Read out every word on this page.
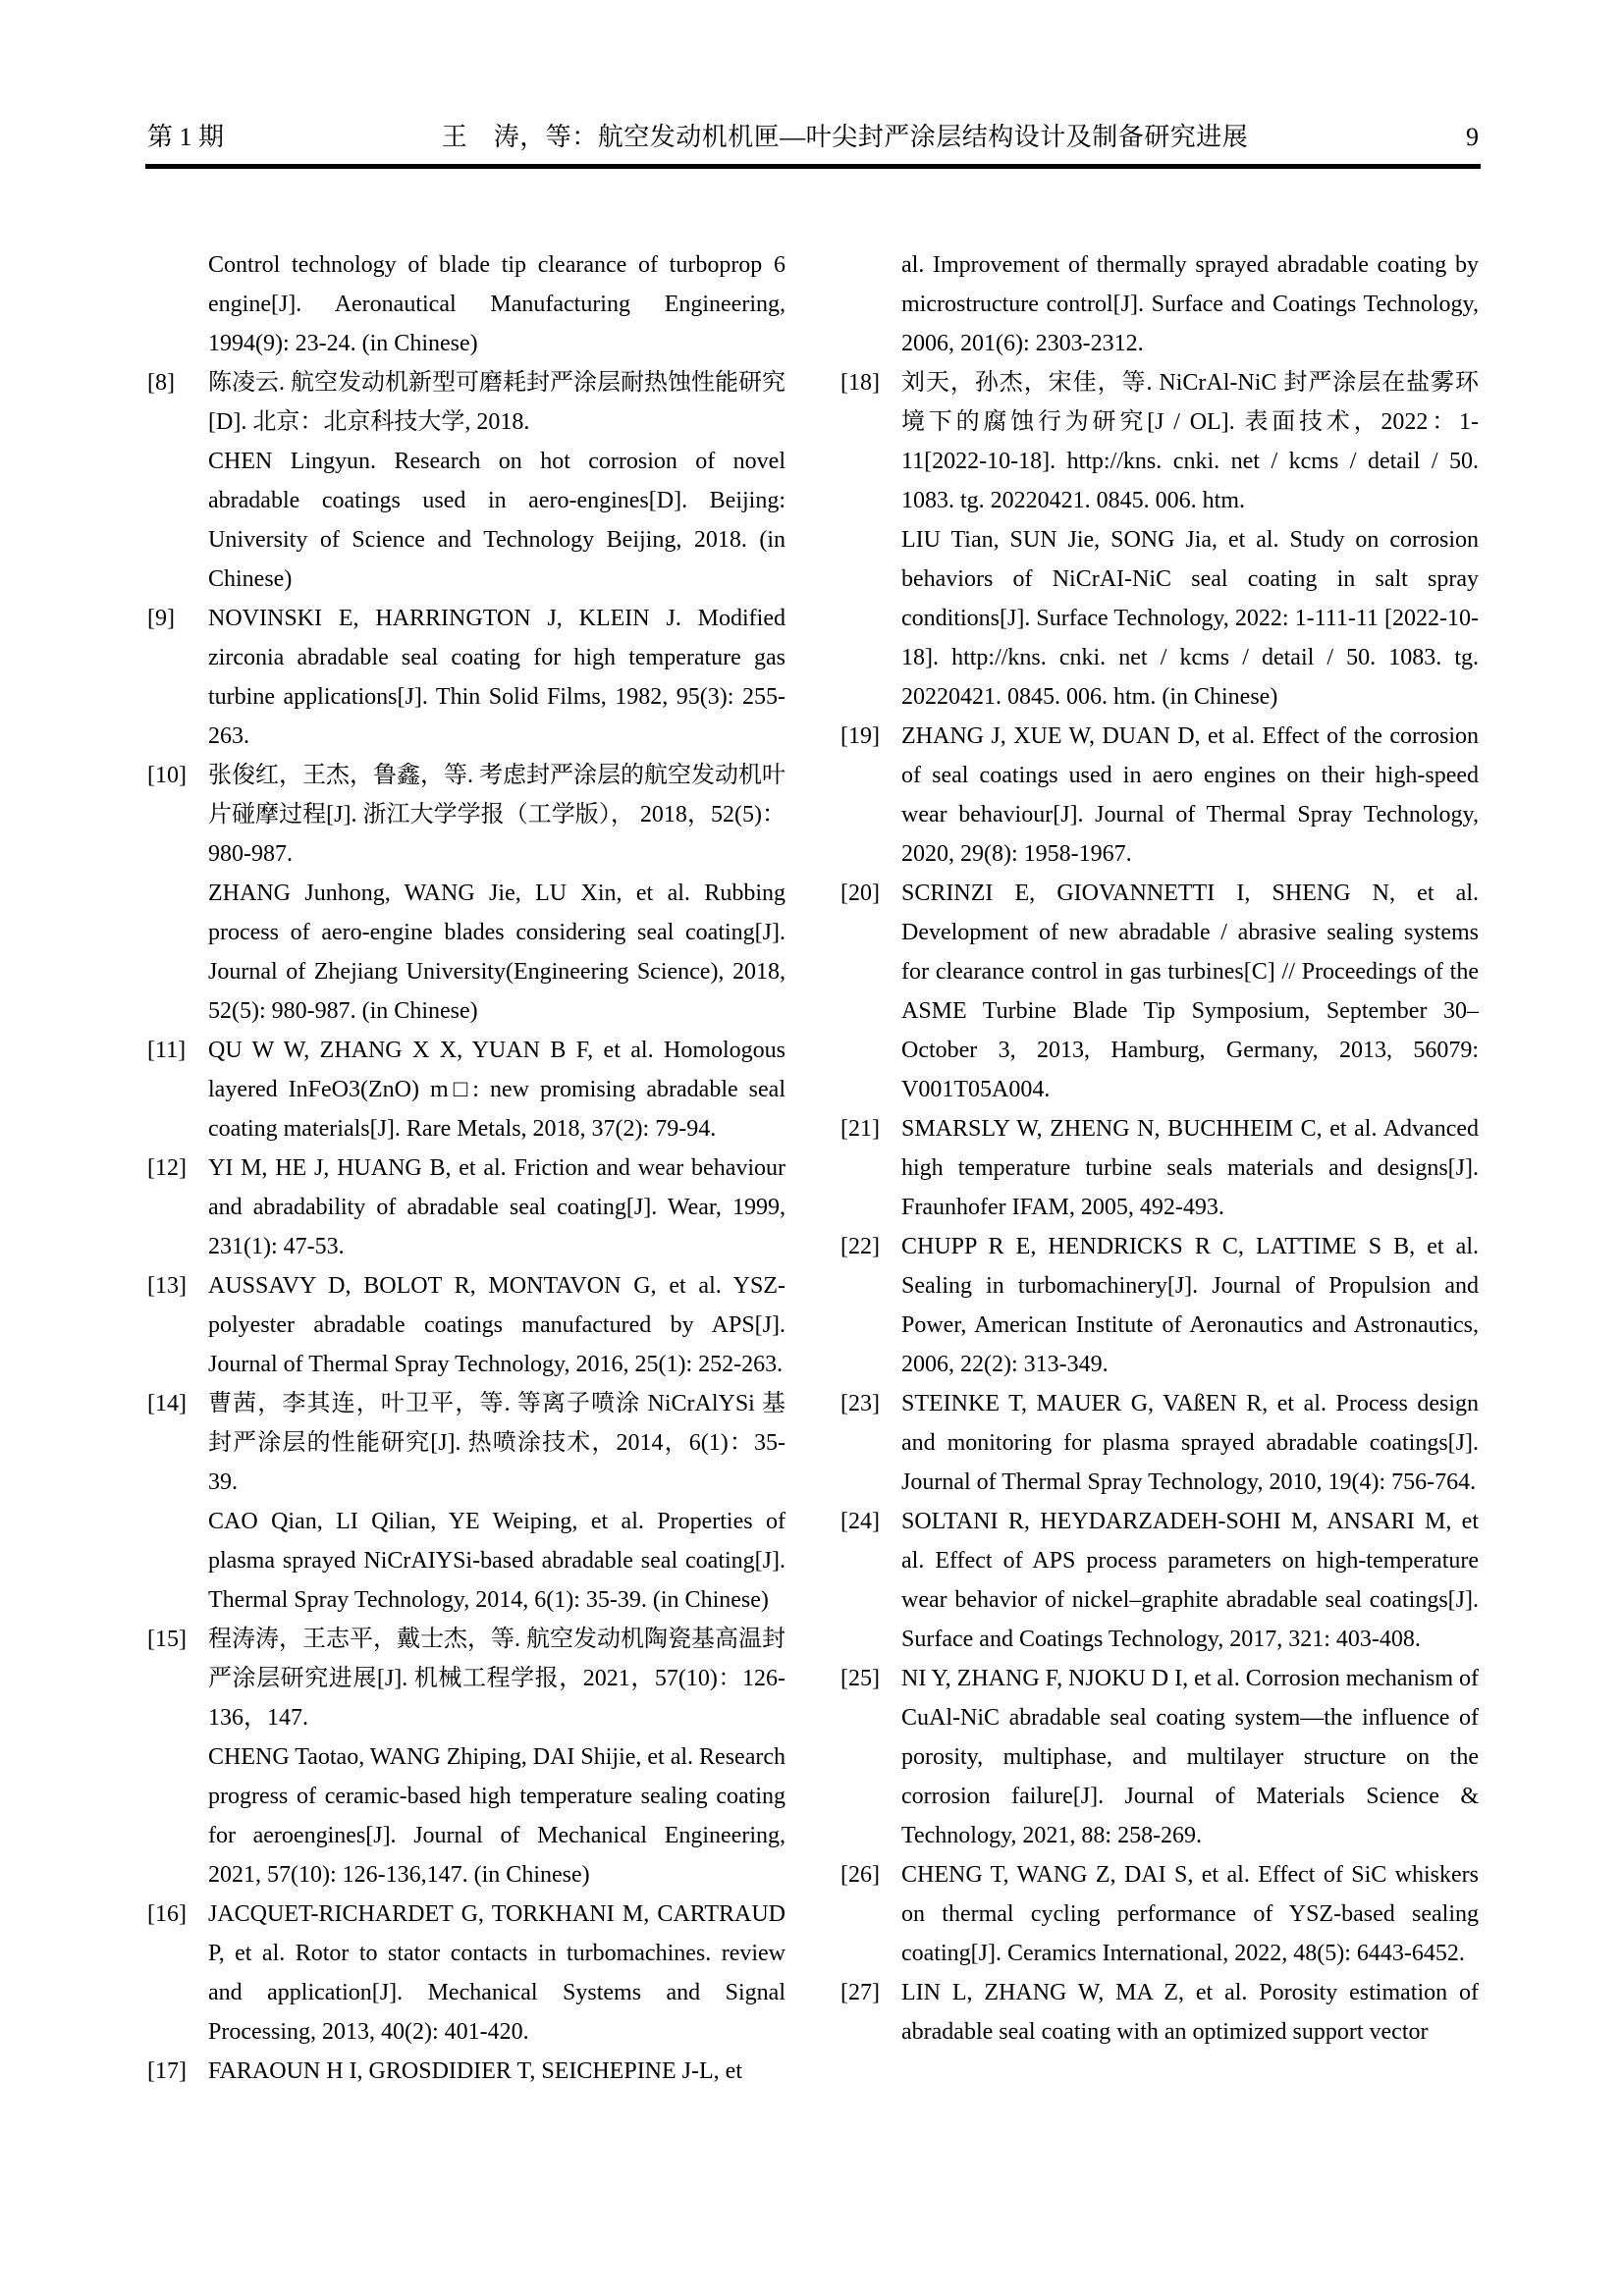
第 1 期	王　涛，等：航空发动机机匣—叶尖封严涂层结构设计及制备研究进展	9

Control technology of blade tip clearance of turboprop 6 engine[J]. Aeronautical Manufacturing Engineering, 1994(9): 23-24. (in Chinese)

[8]	陈凌云. 航空发动机新型可磨耗封严涂层耐热蚀性能研究[D]. 北京：北京科技大学, 2018.

CHEN Lingyun. Research on hot corrosion of novel abradable coatings used in aero-engines[D]. Beijing: University of Science and Technology Beijing, 2018. (in Chinese)

[9]	NOVINSKI E, HARRINGTON J, KLEIN J. Modified zirconia abradable seal coating for high temperature gas turbine applications[J]. Thin Solid Films, 1982, 95(3): 255-263.

[10] 张俊红，王杰，鲁鑫，等. 考虑封严涂层的航空发动机叶片碰摩过程[J]. 浙江大学学报（工学版）， 2018，52(5)：980-987.

ZHANG Junhong, WANG Jie, LU Xin, et al. Rubbing process of aero-engine blades considering seal coating[J]. Journal of Zhejiang University(Engineering Science), 2018, 52(5): 980-987. (in Chinese)

[11] QU W W, ZHANG X X, YUAN B F, et al. Homologous layered InFeO3(ZnO) m□: new promising abradable seal coating materials[J]. Rare Metals, 2018, 37(2): 79-94.

[12] YI M, HE J, HUANG B, et al. Friction and wear behaviour and abradability of abradable seal coating[J]. Wear, 1999, 231(1): 47-53.

[13] AUSSAVY D, BOLOT R, MONTAVON G, et al. YSZ-polyester abradable coatings manufactured by APS[J]. Journal of Thermal Spray Technology, 2016, 25(1): 252-263.

[14] 曹茜，李其连，叶卫平，等. 等离子喷涂 NiCrAlYSi 基封严涂层的性能研究[J]. 热喷涂技术，2014，6(1)：35-39.

CAO Qian, LI Qilian, YE Weiping, et al. Properties of plasma sprayed NiCrAIYSi-based abradable seal coating[J]. Thermal Spray Technology, 2014, 6(1): 35-39. (in Chinese)

[15] 程涛涛，王志平，戴士杰，等. 航空发动机陶瓷基高温封严涂层研究进展[J]. 机械工程学报，2021，57(10)：126-136，147.

CHENG Taotao, WANG Zhiping, DAI Shijie, et al. Research progress of ceramic-based high temperature sealing coating for aeroengines[J]. Journal of Mechanical Engineering, 2021, 57(10): 126-136,147. (in Chinese)

[16] JACQUET-RICHARDET G, TORKHANI M, CARTRAUD P, et al. Rotor to stator contacts in turbomachines. review and application[J]. Mechanical Systems and Signal Processing, 2013, 40(2): 401-420.

[17] FARAOUN H I, GROSDIDIER T, SEICHEPINE J-L, et

al. Improvement of thermally sprayed abradable coating by microstructure control[J]. Surface and Coatings Technology, 2006, 201(6): 2303-2312.

[18] 刘天，孙杰，宋佳，等. NiCrAl-NiC 封严涂层在盐雾环境下的腐蚀行为研究[J / OL]. 表面技术，2022：1-11[2022-10-18]. http://kns. cnki. net / kcms / detail / 50. 1083. tg. 20220421. 0845. 006. htm.

LIU Tian, SUN Jie, SONG Jia, et al. Study on corrosion behaviors of NiCrAI-NiC seal coating in salt spray conditions[J]. Surface Technology, 2022: 1-111-11 [2022-10-18]. http://kns. cnki. net / kcms / detail / 50. 1083. tg. 20220421. 0845. 006. htm. (in Chinese)

[19] ZHANG J, XUE W, DUAN D, et al. Effect of the corrosion of seal coatings used in aero engines on their high-speed wear behaviour[J]. Journal of Thermal Spray Technology, 2020, 29(8): 1958-1967.

[20] SCRINZI E, GIOVANNETTI I, SHENG N, et al. Development of new abradable / abrasive sealing systems for clearance control in gas turbines[C] // Proceedings of the ASME Turbine Blade Tip Symposium, September 30–October 3, 2013, Hamburg, Germany, 2013, 56079: V001T05A004.

[21] SMARSLY W, ZHENG N, BUCHHEIM C, et al. Advanced high temperature turbine seals materials and designs[J]. Fraunhofer IFAM, 2005, 492-493.

[22] CHUPP R E, HENDRICKS R C, LATTIME S B, et al. Sealing in turbomachinery[J]. Journal of Propulsion and Power, American Institute of Aeronautics and Astronautics, 2006, 22(2): 313-349.

[23] STEINKE T, MAUER G, VAßEN R, et al. Process design and monitoring for plasma sprayed abradable coatings[J]. Journal of Thermal Spray Technology, 2010, 19(4): 756-764.

[24] SOLTANI R, HEYDARZADEH-SOHI M, ANSARI M, et al. Effect of APS process parameters on high-temperature wear behavior of nickel–graphite abradable seal coatings[J]. Surface and Coatings Technology, 2017, 321: 403-408.

[25] NI Y, ZHANG F, NJOKU D I, et al. Corrosion mechanism of CuAl-NiC abradable seal coating system—the influence of porosity, multiphase, and multilayer structure on the corrosion failure[J]. Journal of Materials Science & Technology, 2021, 88: 258-269.

[26] CHENG T, WANG Z, DAI S, et al. Effect of SiC whiskers on thermal cycling performance of YSZ-based sealing coating[J]. Ceramics International, 2022, 48(5): 6443-6452.

[27] LIN L, ZHANG W, MA Z, et al. Porosity estimation of abradable seal coating with an optimized support vector
